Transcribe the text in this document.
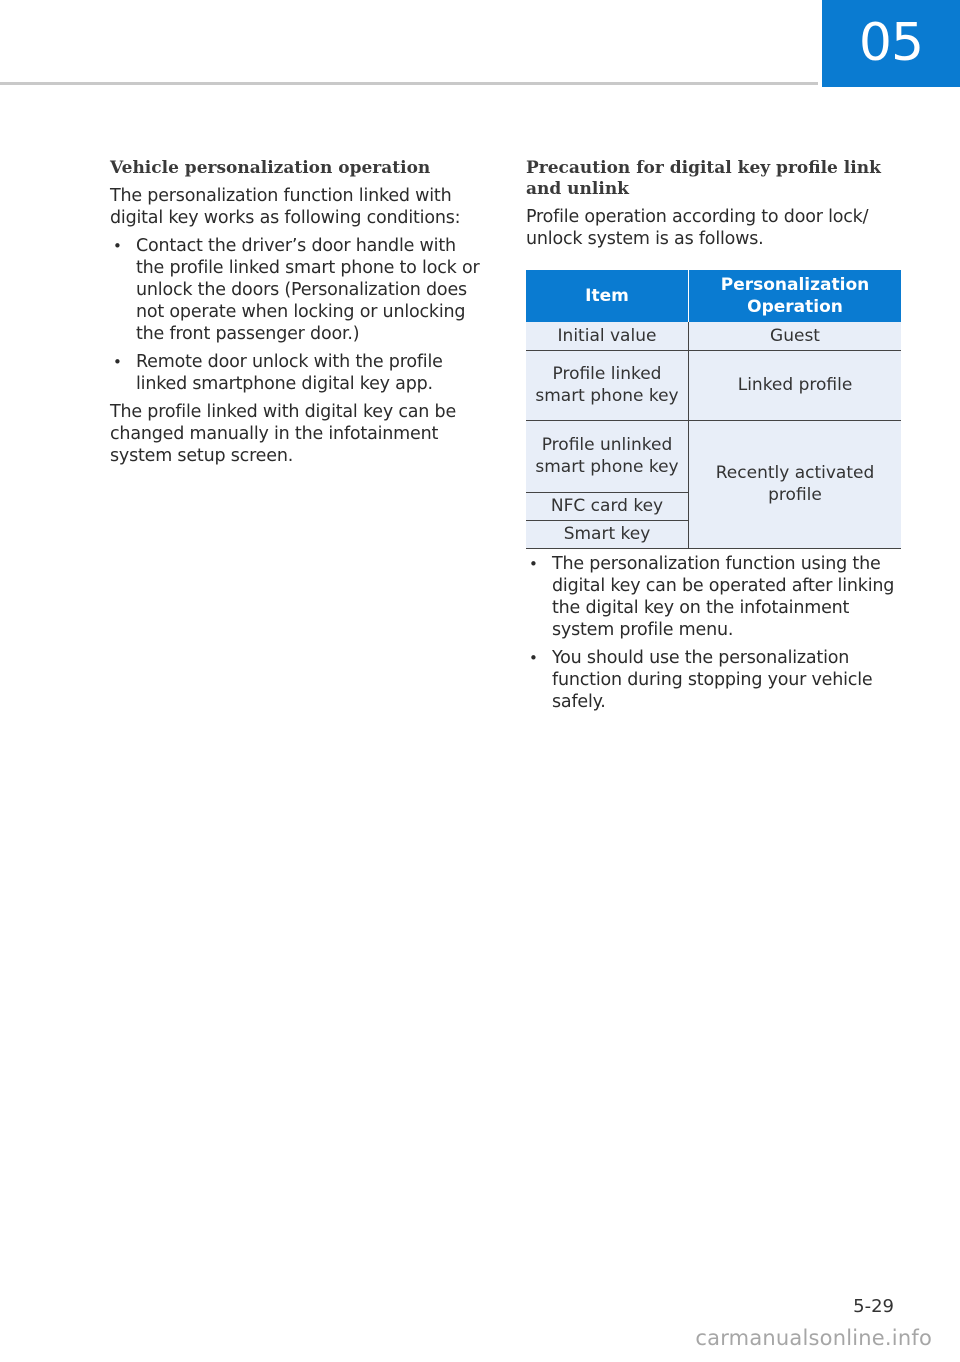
05
Vehicle personalization operation

The personalization function linked with digital key works as following conditions:

• Contact the driver’s door handle with the profile linked smart phone to lock or unlock the doors (Personalization does not operate when locking or unlocking the front passenger door.)
• Remote door unlock with the profile linked smartphone digital key app.

The profile linked with digital key can be changed manually in the infotainment system setup screen.

Precaution for digital key profile link and unlink

Profile operation according to door lock/ unlock system is as follows.

Item	Personalization Operation
Initial value	Guest
Profile linked smart phone key	Linked profile
Profile unlinked smart phone key	Recently activated profile
NFC card key	
Smart key	
• The personalization function using the digital key can be operated after linking the digital key on the infotainment system profile menu.
• You should use the personalization function during stopping your vehicle safely.
5-29
carmanualsonline.info
